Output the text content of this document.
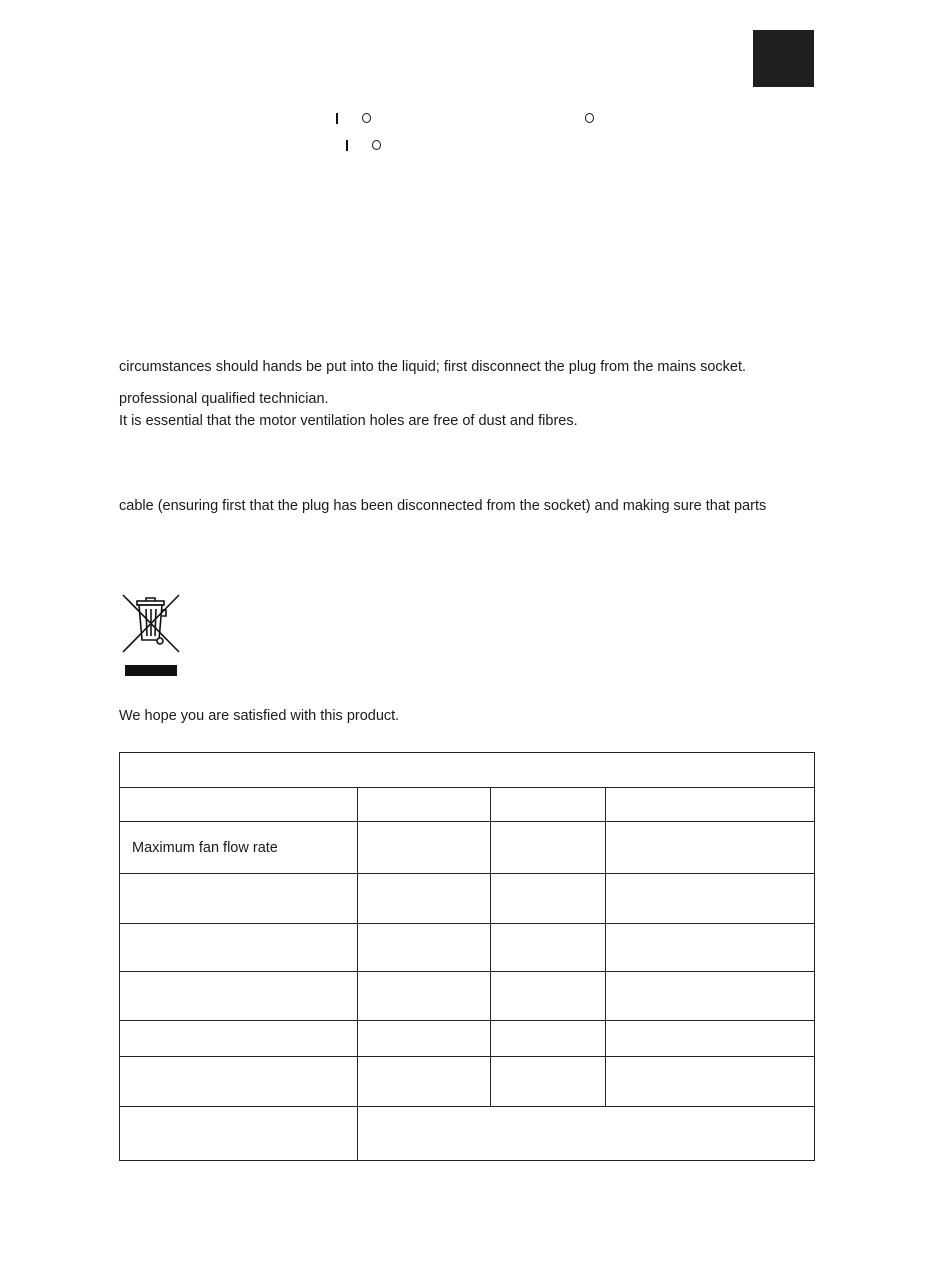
circumstances should hands be put into the liquid; first disconnect the plug from the mains socket.
professional qualified technician.
It is essential that the motor ventilation holes are free of dust and fibres.
cable (ensuring first that the plug has been disconnected from the socket) and making sure that parts
We hope you are satisfied with this product.

Maximum fan flow rate			
